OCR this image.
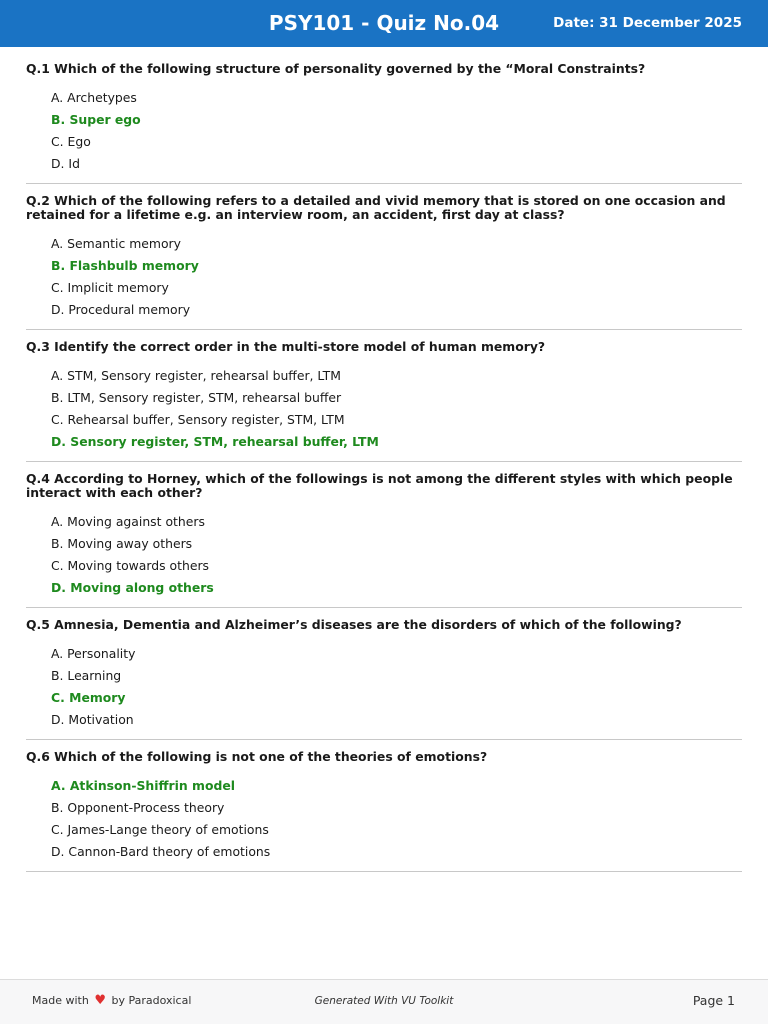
PSY101 - Quiz No.04	Date: 31 December 2025

Q.1 Which of the following structure of personality governed by the “Moral Constraints?

A. Archetypes
B. Super ego
C. Ego
D. Id

Q.2 Which of the following refers to a detailed and vivid memory that is stored on one occasion and retained for a lifetime e.g. an interview room, an accident, first day at class?

A. Semantic memory
B. Flashbulb memory
C. Implicit memory
D. Procedural memory

Q.3 Identify the correct order in the multi-store model of human memory?

A. STM, Sensory register, rehearsal buffer, LTM
B. LTM, Sensory register, STM, rehearsal buffer
C. Rehearsal buffer, Sensory register, STM, LTM
D. Sensory register, STM, rehearsal buffer, LTM

Q.4 According to Horney, which of the followings is not among the different styles with which people interact with each other?

A. Moving against others
B. Moving away others
C. Moving towards others
D. Moving along others

Q.5 Amnesia, Dementia and Alzheimer’s diseases are the disorders of which of the following?

A. Personality
B. Learning
C. Memory
D. Motivation

Q.6 Which of the following is not one of the theories of emotions?

A. Atkinson-Shiffrin model
B. Opponent-Process theory
C. James-Lange theory of emotions
D. Cannon-Bard theory of emotions
Made with ♥ by Paradoxical	Generated With VU Toolkit	Page 1
